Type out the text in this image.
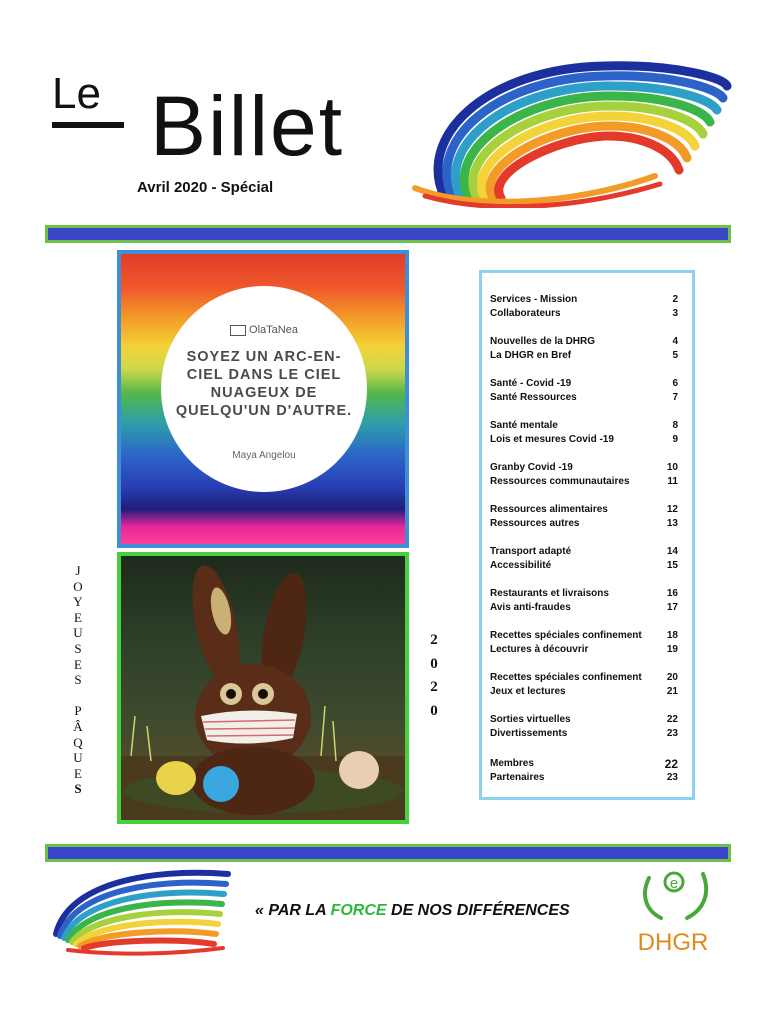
Le Billet
Avril 2020 - Spécial
OlaTaNea
SOYEZ UN ARC-EN-CIEL DANS LE CIEL NUAGEUX DE QUELQU'UN D'AUTRE.
Maya Angelou
J
O
Y
E
U
S
E
S
P
Â
Q
U
E
S
2
0
2
0
Services - Mission	2
Collaborateurs	3
Nouvelles de la DHRG	4
La DHGR en Bref	5
Santé - Covid -19	6
Santé Ressources	7
Santé mentale	8
Lois et mesures Covid -19	9
Granby Covid -19	10
Ressources communautaires	11
Ressources alimentaires	12
Ressources autres	13
Transport adapté	14
Accessibilité	15
Restaurants et livraisons	16
Avis anti-fraudes	17
Recettes spéciales confinement	18
Lectures à découvrir	19
Recettes spéciales confinement	20
Jeux et lectures	21
Sorties virtuelles	22
Divertissements	23
Membres	22
Partenaires	23
« PAR LA FORCE DE NOS DIFFÉRENCES
e
DHGR
